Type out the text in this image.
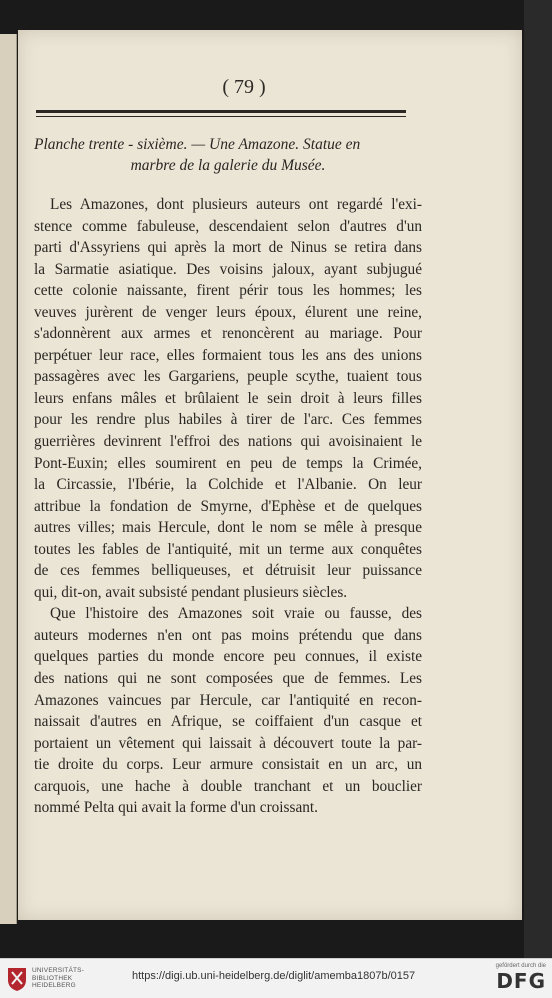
( 79 )
Planche trente - sixième. — Une Amazone. Statue en
marbre de la galerie du Musée.
Les Amazones, dont plusieurs auteurs ont regardé l'exi-
stence comme fabuleuse, descendaient selon d'autres d'un
parti d'Assyriens qui après la mort de Ninus se retira dans
la Sarmatie asiatique. Des voisins jaloux, ayant subjugué
cette colonie naissante, firent périr tous les hommes; les
veuves jurèrent de venger leurs époux, élurent une reine,
s'adonnèrent aux armes et renoncèrent au mariage. Pour
perpétuer leur race, elles formaient tous les ans des unions
passagères avec les Gargariens, peuple scythe, tuaient tous
leurs enfans mâles et brûlaient le sein droit à leurs filles
pour les rendre plus habiles à tirer de l'arc. Ces femmes
guerrières devinrent l'effroi des nations qui avoisinaient le
Pont-Euxin; elles soumirent en peu de temps la Crimée,
la Circassie, l'Ibérie, la Colchide et l'Albanie. On leur
attribue la fondation de Smyrne, d'Ephèse et de quelques
autres villes; mais Hercule, dont le nom se mêle à presque
toutes les fables de l'antiquité, mit un terme aux conquêtes
de ces femmes belliqueuses, et détruisit leur puissance
qui, dit-on, avait subsisté pendant plusieurs siècles.
Que l'histoire des Amazones soit vraie ou fausse, des
auteurs modernes n'en ont pas moins prétendu que dans
quelques parties du monde encore peu connues, il existe
des nations qui ne sont composées que de femmes. Les
Amazones vaincues par Hercule, car l'antiquité en recon-
naissait d'autres en Afrique, se coiffaient d'un casque et
portaient un vêtement qui laissait à découvert toute la par-
tie droite du corps. Leur armure consistait en un arc, un
carquois, une hache à double tranchant et un bouclier
nommé Pelta qui avait la forme d'un croissant.
UNIVERSITÄTS-
BIBLIOTHEK
HEIDELBERG
https://digi.ub.uni-heidelberg.de/diglit/amemba1807b/0157
gefördert durch die
DFG
